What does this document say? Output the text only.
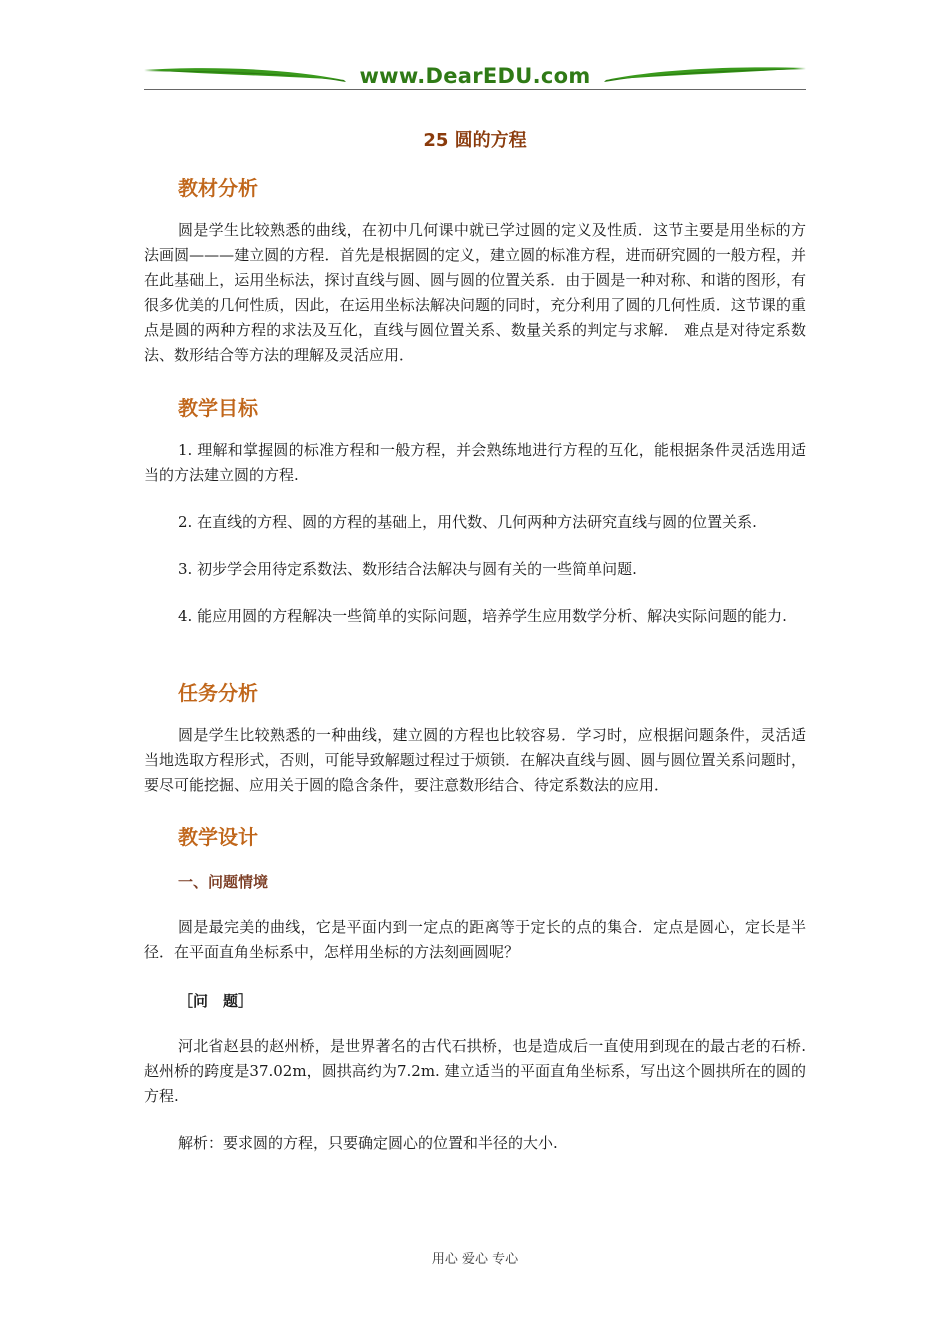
www.DearEDU.com
25 圆的方程
教材分析

圆是学生比较熟悉的曲线，在初中几何课中就已学过圆的定义及性质．这节主要是用坐标的方法画圆———建立圆的方程．首先是根据圆的定义，建立圆的标准方程，进而研究圆的一般方程，并在此基础上，运用坐标法，探讨直线与圆、圆与圆的位置关系．由于圆是一种对称、和谐的图形，有很多优美的几何性质，因此，在运用坐标法解决问题的同时，充分利用了圆的几何性质．这节课的重点是圆的两种方程的求法及互化，直线与圆位置关系、数量关系的判定与求解． 难点是对待定系数法、数形结合等方法的理解及灵活应用．

教学目标

1. 理解和掌握圆的标准方程和一般方程，并会熟练地进行方程的互化，能根据条件灵活选用适当的方法建立圆的方程.

2. 在直线的方程、圆的方程的基础上，用代数、几何两种方法研究直线与圆的位置关系.

3. 初步学会用待定系数法、数形结合法解决与圆有关的一些简单问题.

4. 能应用圆的方程解决一些简单的实际问题，培养学生应用数学分析、解决实际问题的能力.

任务分析

圆是学生比较熟悉的一种曲线，建立圆的方程也比较容易．学习时，应根据问题条件，灵活适当地选取方程形式，否则，可能导致解题过程过于烦锁．在解决直线与圆、圆与圆位置关系问题时，要尽可能挖掘、应用关于圆的隐含条件，要注意数形结合、待定系数法的应用．

教学设计
一、问题情境

圆是最完美的曲线，它是平面内到一定点的距离等于定长的点的集合．定点是圆心，定长是半径．在平面直角坐标系中，怎样用坐标的方法刻画圆呢？

［问　题］

河北省赵县的赵州桥，是世界著名的古代石拱桥，也是造成后一直使用到现在的最古老的石桥. 赵州桥的跨度是37.02m，圆拱高约为7.2m. 建立适当的平面直角坐标系，写出这个圆拱所在的圆的方程.

解析：要求圆的方程，只要确定圆心的位置和半径的大小.

用心 爱心 专心
